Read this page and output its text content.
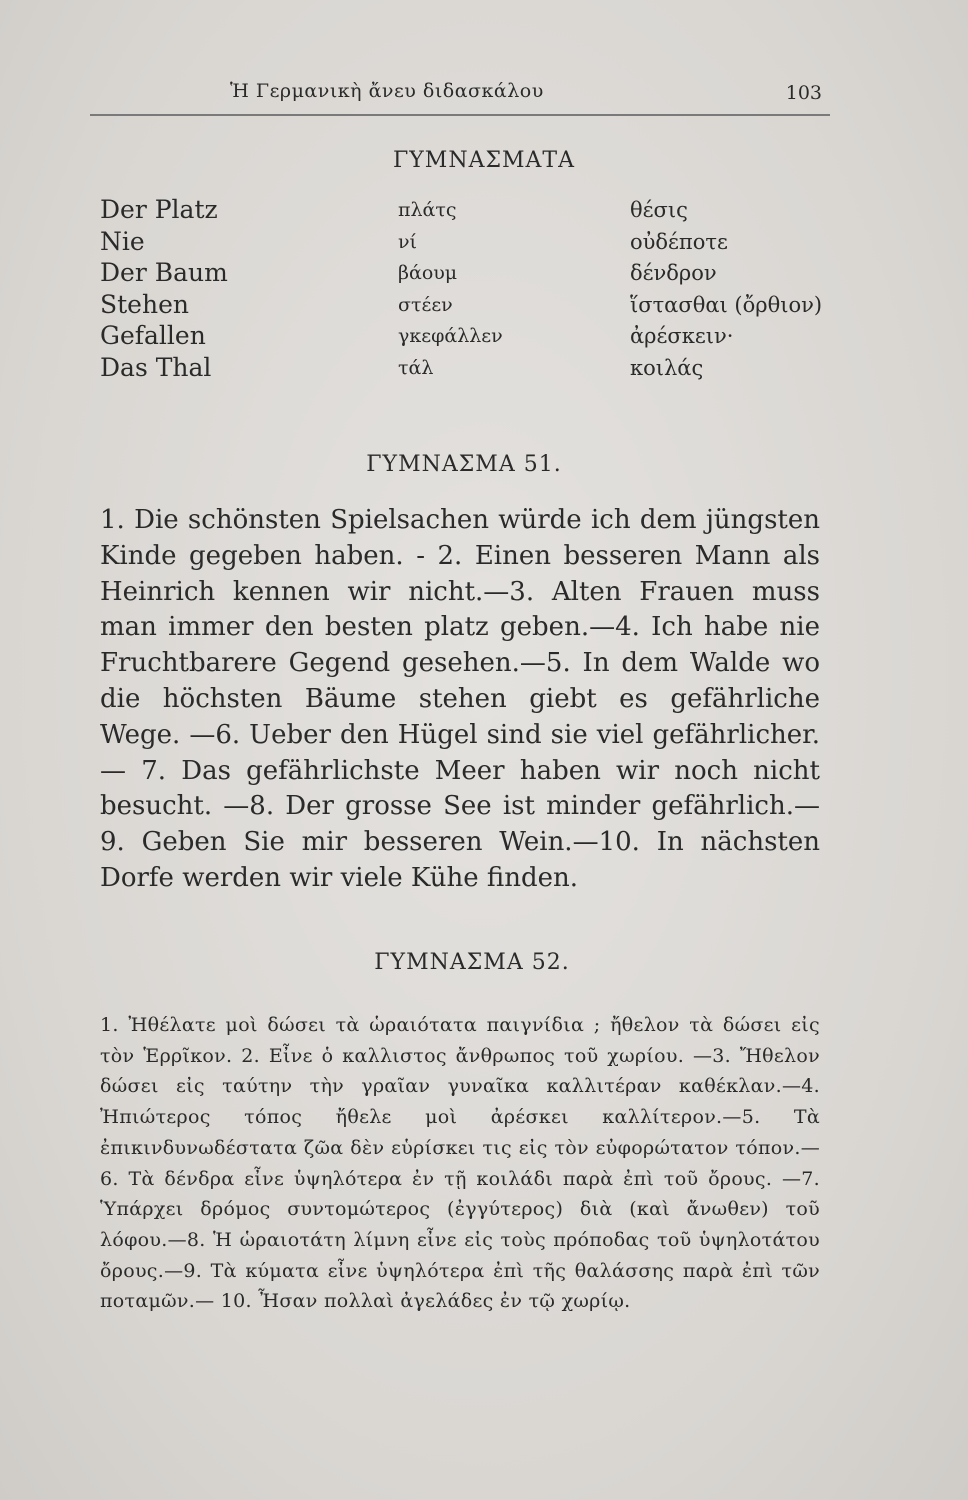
Ἡ Γερμανικὴ ἄνευ διδασκάλου	103
ΓΥΜΝΑΣΜΑΤΑ
Der Platz	πλάτς	θέσις
Nie	νί	οὐδέποτε
Der Baum	βάουμ	δένδρον
Stehen	στέεν	ἵστασθαι (ὄρθιον)
Gefallen	γκεφάλλεν	ἀρέσκειν·
Das Thal	τάλ	κοιλάς
ΓΥΜΝΑΣΜΑ 51.
1. Die schönsten Spielsachen würde ich dem jüngsten Kinde gegeben haben. - 2. Einen besseren Mann als Heinrich kennen wir nicht.—3. Alten Frauen muss man immer den besten platz geben.—4. Ich habe nie Fruchtbarere Gegend gesehen.—5. In dem Walde wo die höchsten Bäume stehen giebt es gefährliche Wege. —6. Ueber den Hügel sind sie viel gefährlicher. — 7. Das gefährlichste Meer haben wir noch nicht besucht. —8. Der grosse See ist minder gefährlich.—9. Geben Sie mir besseren Wein.—10. In nächsten Dorfe werden wir viele Kühe finden.
ΓΥΜΝΑΣΜΑ 52.
1. Ἠθέλατε μοὶ δώσει τὰ ὡραιότατα παιγνίδια ; ἤθελον τὰ δώσει εἰς τὸν Ἑρρῖκον. 2. Εἶνε ὁ καλλιστος ἄνθρωπος τοῦ χωρίου. —3. Ἤθελον δώσει εἰς ταύτην τὴν γραῖαν γυναῖκα καλλιτέραν καθέκλαν.—4. Ἠπιώτερος τόπος ἤθελε μοὶ ἀρέσκει καλλίτερον.—5. Τὰ ἐπικινδυνωδέστατα ζῶα δὲν εὑρίσκει τις εἰς τὸν εὐφορώτατον τόπον.—6. Τὰ δένδρα εἶνε ὑψηλότερα ἐν τῇ κοιλάδι παρὰ ἐπὶ τοῦ ὄρους. —7. Ὑπάρχει δρόμος συντομώτερος (ἐγγύτερος) διὰ (καὶ ἄνωθεν) τοῦ λόφου.—8. Ἡ ὡραιοτάτη λίμνη εἶνε εἰς τοὺς πρόποδας τοῦ ὑψηλοτάτου ὄρους.—9. Τὰ κύματα εἶνε ὑψηλότερα ἐπὶ τῆς θαλάσσης παρὰ ἐπὶ τῶν ποταμῶν.— 10. Ἦσαν πολλαὶ ἀγελάδες ἐν τῷ χωρίῳ.
